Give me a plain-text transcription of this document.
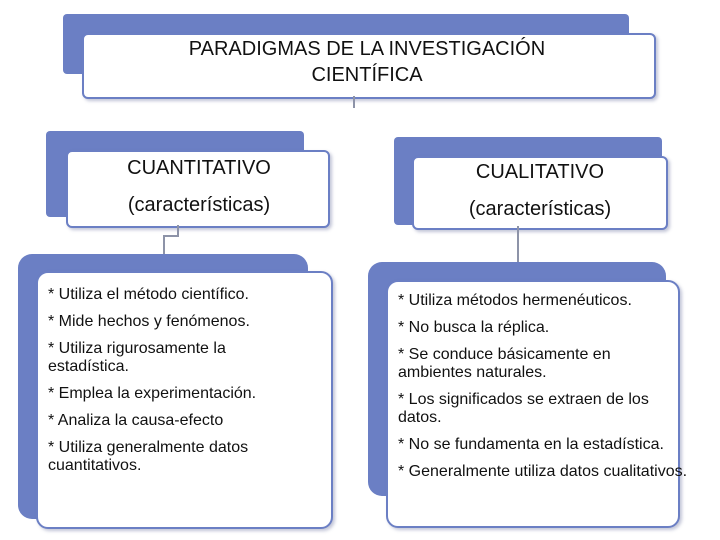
PARADIGMAS DE LA INVESTIGACIÓN
CIENTÍFICA
CUANTITATIVO
(características)
CUALITATIVO
(características)
* Utiliza el método científico.
* Mide hechos y fenómenos.
* Utiliza rigurosamente la estadística.
* Emplea la experimentación.
* Analiza la causa-efecto
* Utiliza generalmente datos cuantitativos.
* Utiliza métodos hermenéuticos.
* No busca la réplica.
* Se conduce básicamente en ambientes naturales.
* Los significados se extraen de los datos.
* No se fundamenta en la estadística.
* Generalmente utiliza datos cualitativos.
